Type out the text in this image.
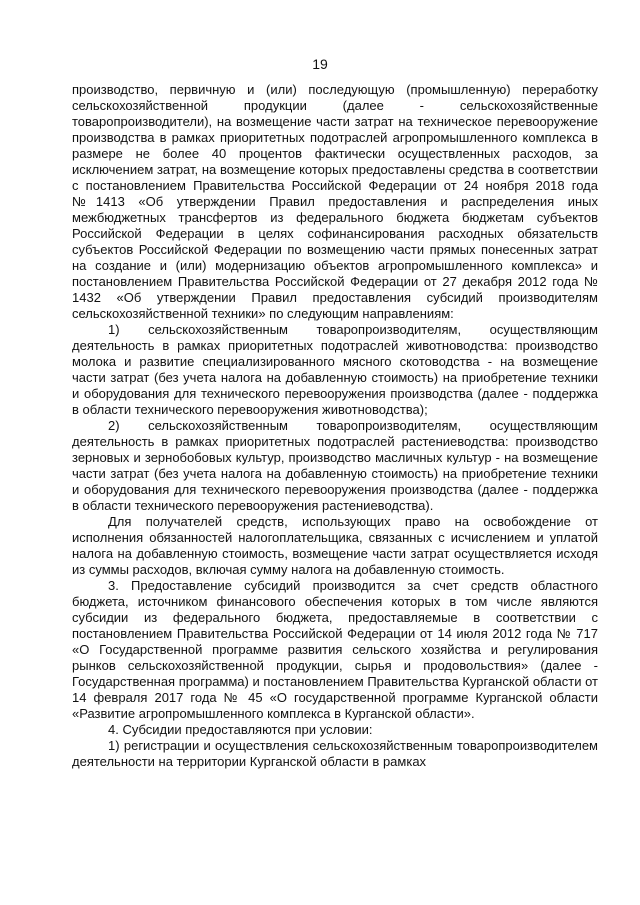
19

производство, первичную и (или) последующую (промышленную) переработку сельскохозяйственной продукции (далее - сельскохозяйственные товаропроизводители), на возмещение части затрат на техническое перевооружение производства в рамках приоритетных подотраслей агропромышленного комплекса в размере не более 40 процентов фактически осуществленных расходов, за исключением затрат, на возмещение которых предоставлены средства в соответствии с постановлением Правительства Российской Федерации от 24 ноября 2018 года №1413 «Об утверждении Правил предоставления и распределения иных межбюджетных трансфертов из федерального бюджета бюджетам субъектов Российской Федерации в целях софинансирования расходных обязательств субъектов Российской Федерации по возмещению части прямых понесенных затрат на создание и (или) модернизацию объектов агропромышленного комплекса» и постановлением Правительства Российской Федерации от 27 декабря 2012 года № 1432 «Об утверждении Правил предоставления субсидий производителям сельскохозяйственной техники» по следующим направлениям:

1) сельскохозяйственным товаропроизводителям, осуществляющим деятельность в рамках приоритетных подотраслей животноводства: производство молока и развитие специализированного мясного скотоводства - на возмещение части затрат (без учета налога на добавленную стоимость) на приобретение техники и оборудования для технического перевооружения производства (далее - поддержка в области технического перевооружения животноводства);

2) сельскохозяйственным товаропроизводителям, осуществляющим деятельность в рамках приоритетных подотраслей растениеводства: производство зерновых и зернобобовых культур, производство масличных культур - на возмещение части затрат (без учета налога на добавленную стоимость) на приобретение техники и оборудования для технического перевооружения производства (далее - поддержка в области технического перевооружения растениеводства).

Для получателей средств, использующих право на освобождение от исполнения обязанностей налогоплательщика, связанных с исчислением и уплатой налога на добавленную стоимость, возмещение части затрат осуществляется исходя из суммы расходов, включая сумму налога на добавленную стоимость.

3. Предоставление субсидий производится за счет средств областного бюджета, источником финансового обеспечения которых в том числе являются субсидии из федерального бюджета, предоставляемые в соответствии с постановлением Правительства Российской Федерации от 14 июля 2012 года № 717 «О Государственной программе развития сельского хозяйства и регулирования рынков сельскохозяйственной продукции, сырья и продовольствия» (далее - Государственная программа) и постановлением Правительства Курганской области от 14 февраля 2017 года № 45 «О государственной программе Курганской области «Развитие агропромышленного комплекса в Курганской области».

4. Субсидии предоставляются при условии:

1) регистрации и осуществления сельскохозяйственным товаропроизводителем деятельности на территории Курганской области в рамках
